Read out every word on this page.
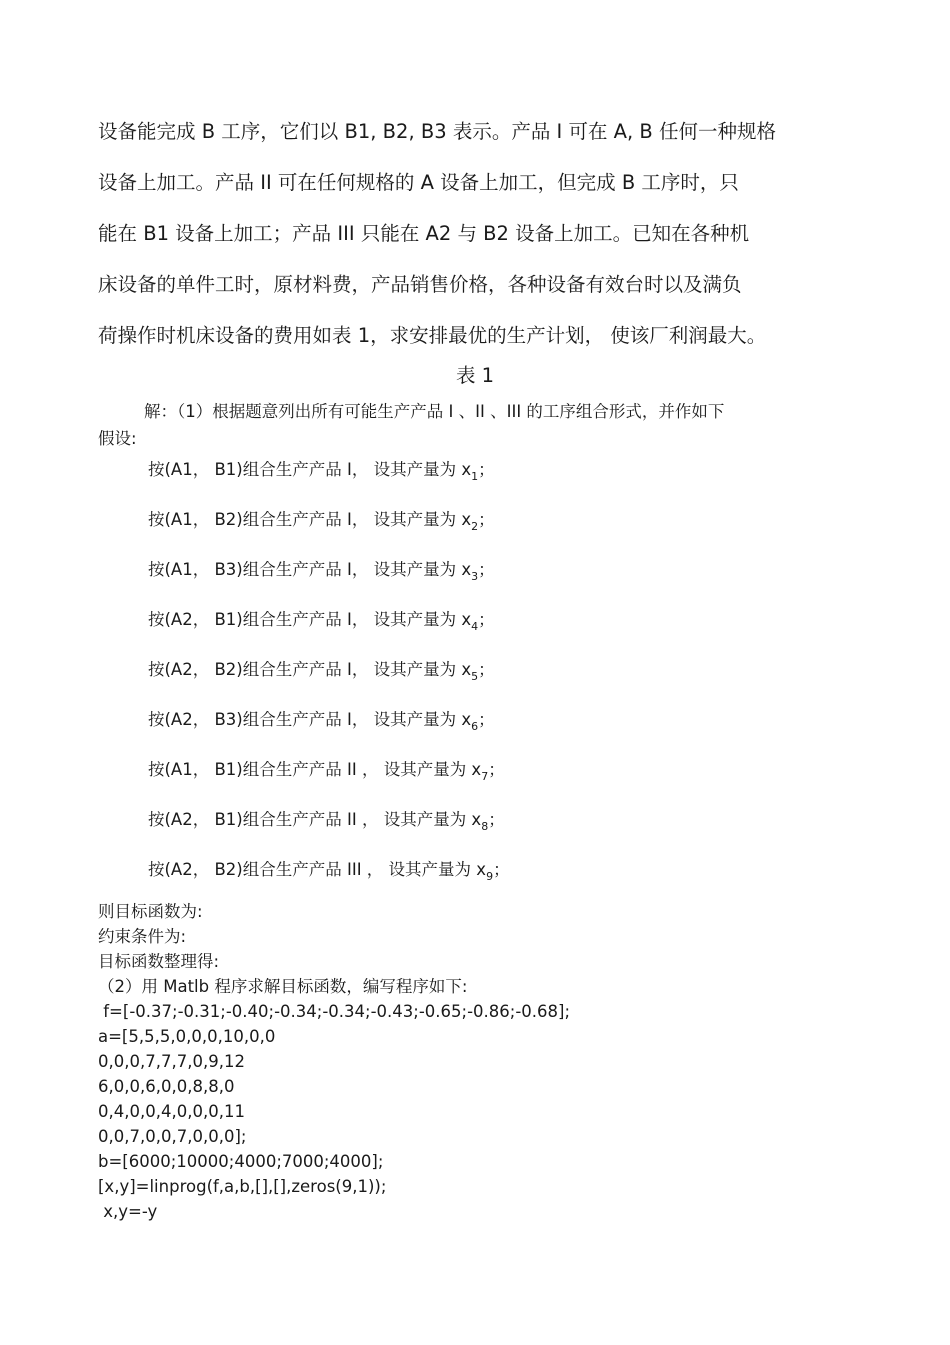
设备能完成 B 工序，它们以 B1, B2, B3 表示。产品 I 可在 A, B 任何一种规格
设备上加工。产品 II 可在任何规格的 A 设备上加工，但完成 B 工序时，只
能在 B1 设备上加工；产品 III 只能在 A2 与 B2 设备上加工。已知在各种机
床设备的单件工时，原材料费，产品销售价格，各种设备有效台时以及满负
荷操作时机床设备的费用如表 1，求安排最优的生产计划， 使该厂利润最大。
表 1
解：（1）根据题意列出所有可能生产产品 I 、II 、III 的工序组合形式，并作如下
假设:
按(A1， B1)组合生产产品 I， 设其产量为 $x_1$；
按(A1， B2)组合生产产品 I， 设其产量为 $x_2$；
按(A1， B3)组合生产产品 I， 设其产量为 $x_3$；
按(A2， B1)组合生产产品 I， 设其产量为 $x_4$；
按(A2， B2)组合生产产品 I， 设其产量为 $x_5$；
按(A2， B3)组合生产产品 I， 设其产量为 $x_6$；
按(A1， B1)组合生产产品 II ， 设其产量为 $x_7$；
按(A2， B1)组合生产产品 II ， 设其产量为 $x_8$；
按(A2， B2)组合生产产品 III ， 设其产量为 $x_9$；
则目标函数为:
约束条件为:
目标函数整理得:
（2）用 Matlb 程序求解目标函数，编写程序如下:
f=[-0.37;-0.31;-0.40;-0.34;-0.34;-0.43;-0.65;-0.86;-0.68];
a=[5,5,5,0,0,0,10,0,0
0,0,0,7,7,7,0,9,12
6,0,0,6,0,0,8,8,0
0,4,0,0,4,0,0,0,11
0,0,7,0,0,7,0,0,0];
b=[6000;10000;4000;7000;4000];
[x,y]=linprog(f,a,b,[],[],zeros(9,1));
x,y=-y
